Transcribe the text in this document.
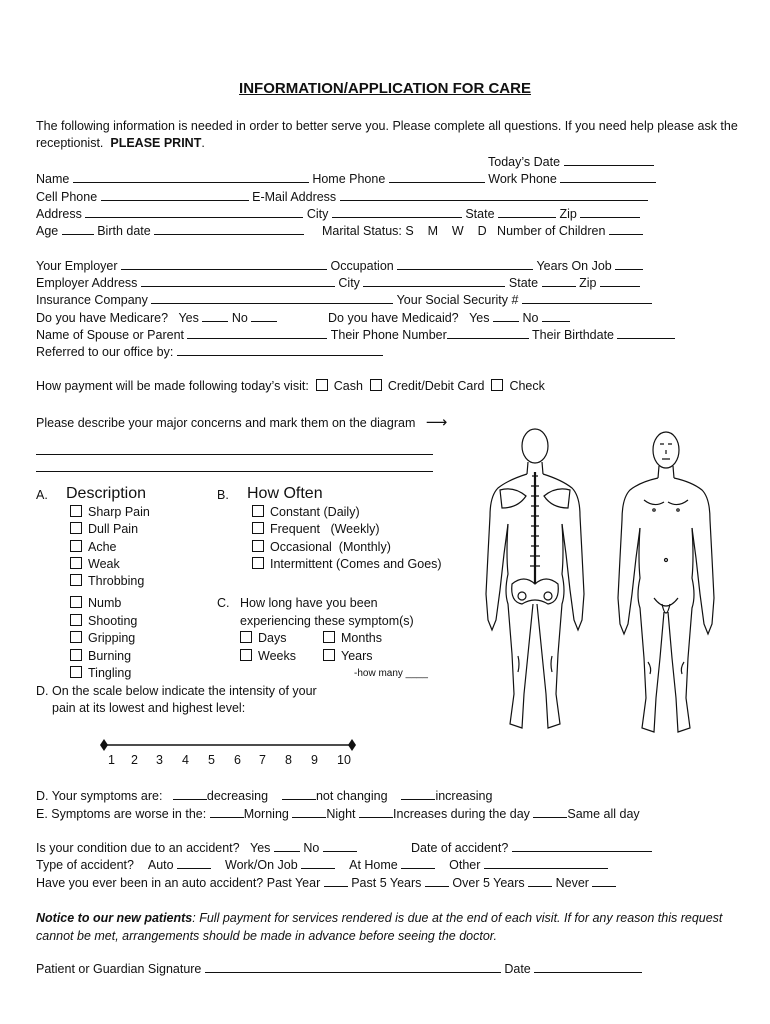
INFORMATION/APPLICATION FOR CARE
The following information is needed in order to better serve you. Please complete all questions. If you need help please ask the receptionist. PLEASE PRINT.
Today’s Date
Name	Home Phone	Work Phone
Cell Phone	E-Mail Address
Address	City	State	Zip
Age	Birth date	Marital Status: S    M    W    D Number of Children
Your Employer	Occupation	Years On Job
Employer Address	City	State	Zip
Insurance Company	Your Social Security #
Do you have Medicare? Yes	No	Do you have Medicaid? Yes	No
Name of Spouse or Parent	Their Phone Number	Their Birthdate
Referred to our office by:
How payment will be made following today’s visit: Cash Credit/Debit Card Check
Please describe your major concerns and mark them on the diagram ⟶
A. Description
Sharp Pain
Dull Pain
Ache
Weak
Throbbing
Numb
Shooting
Gripping
Burning
Tingling
B. How Often
Constant (Daily)
Frequent   (Weekly)
Occasional  (Monthly)
Intermittent (Comes and Goes)
C. How long have you been
experiencing these symptom(s)
Days	Months
Weeks	Years
-how many ____
D. On the scale below indicate the intensity of your
pain at its lowest and highest level:
1 2 3 4 5 6 7 8 9 10
D. Your symptoms are:	decreasing	not changing	increasing
E. Symptoms are worse in the:	Morning	Night	Increases during the day	Same all day
Is your condition due to an accident? Yes	No	Date of accident?
Type of accident? Auto	Work/On Job	At Home	Other
Have you ever been in an auto accident? Past Year Past 5 Years Over 5 Years Never
Notice to our new patients: Full payment for services rendered is due at the end of each visit. If for any reason this request cannot be met, arrangements should be made in advance before seeing the doctor.
Patient or Guardian Signature	Date
